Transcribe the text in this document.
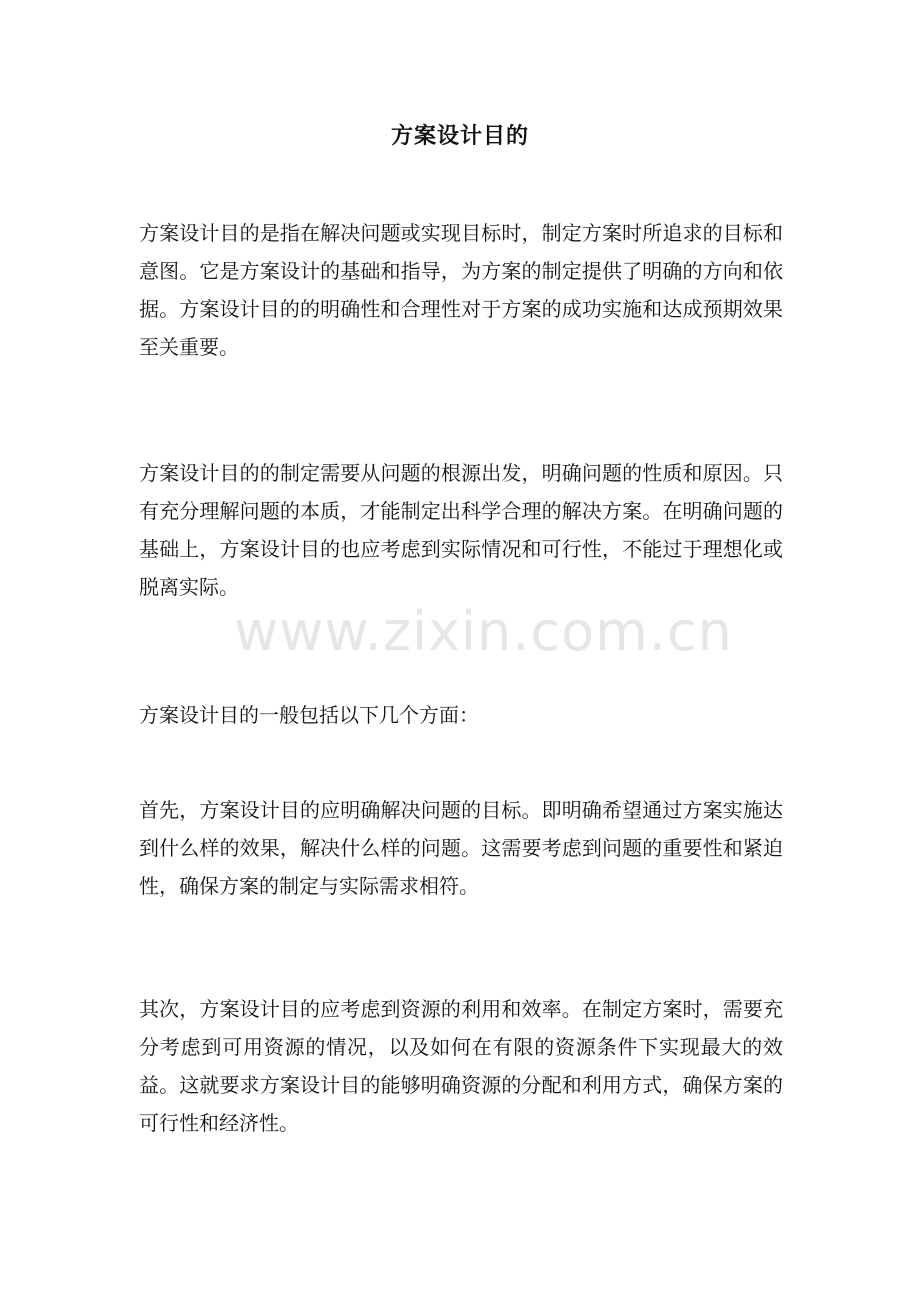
方案设计目的

方案设计目的是指在解决问题或实现目标时，制定方案时所追求的目标和意图。它是方案设计的基础和指导，为方案的制定提供了明确的方向和依据。方案设计目的的明确性和合理性对于方案的成功实施和达成预期效果至关重要。

方案设计目的的制定需要从问题的根源出发，明确问题的性质和原因。只有充分理解问题的本质，才能制定出科学合理的解决方案。在明确问题的基础上，方案设计目的也应考虑到实际情况和可行性，不能过于理想化或脱离实际。

方案设计目的一般包括以下几个方面：

首先，方案设计目的应明确解决问题的目标。即明确希望通过方案实施达到什么样的效果，解决什么样的问题。这需要考虑到问题的重要性和紧迫性，确保方案的制定与实际需求相符。

其次，方案设计目的应考虑到资源的利用和效率。在制定方案时，需要充分考虑到可用资源的情况，以及如何在有限的资源条件下实现最大的效益。这就要求方案设计目的能够明确资源的分配和利用方式，确保方案的可行性和经济性。

www.zixin.com.cn
